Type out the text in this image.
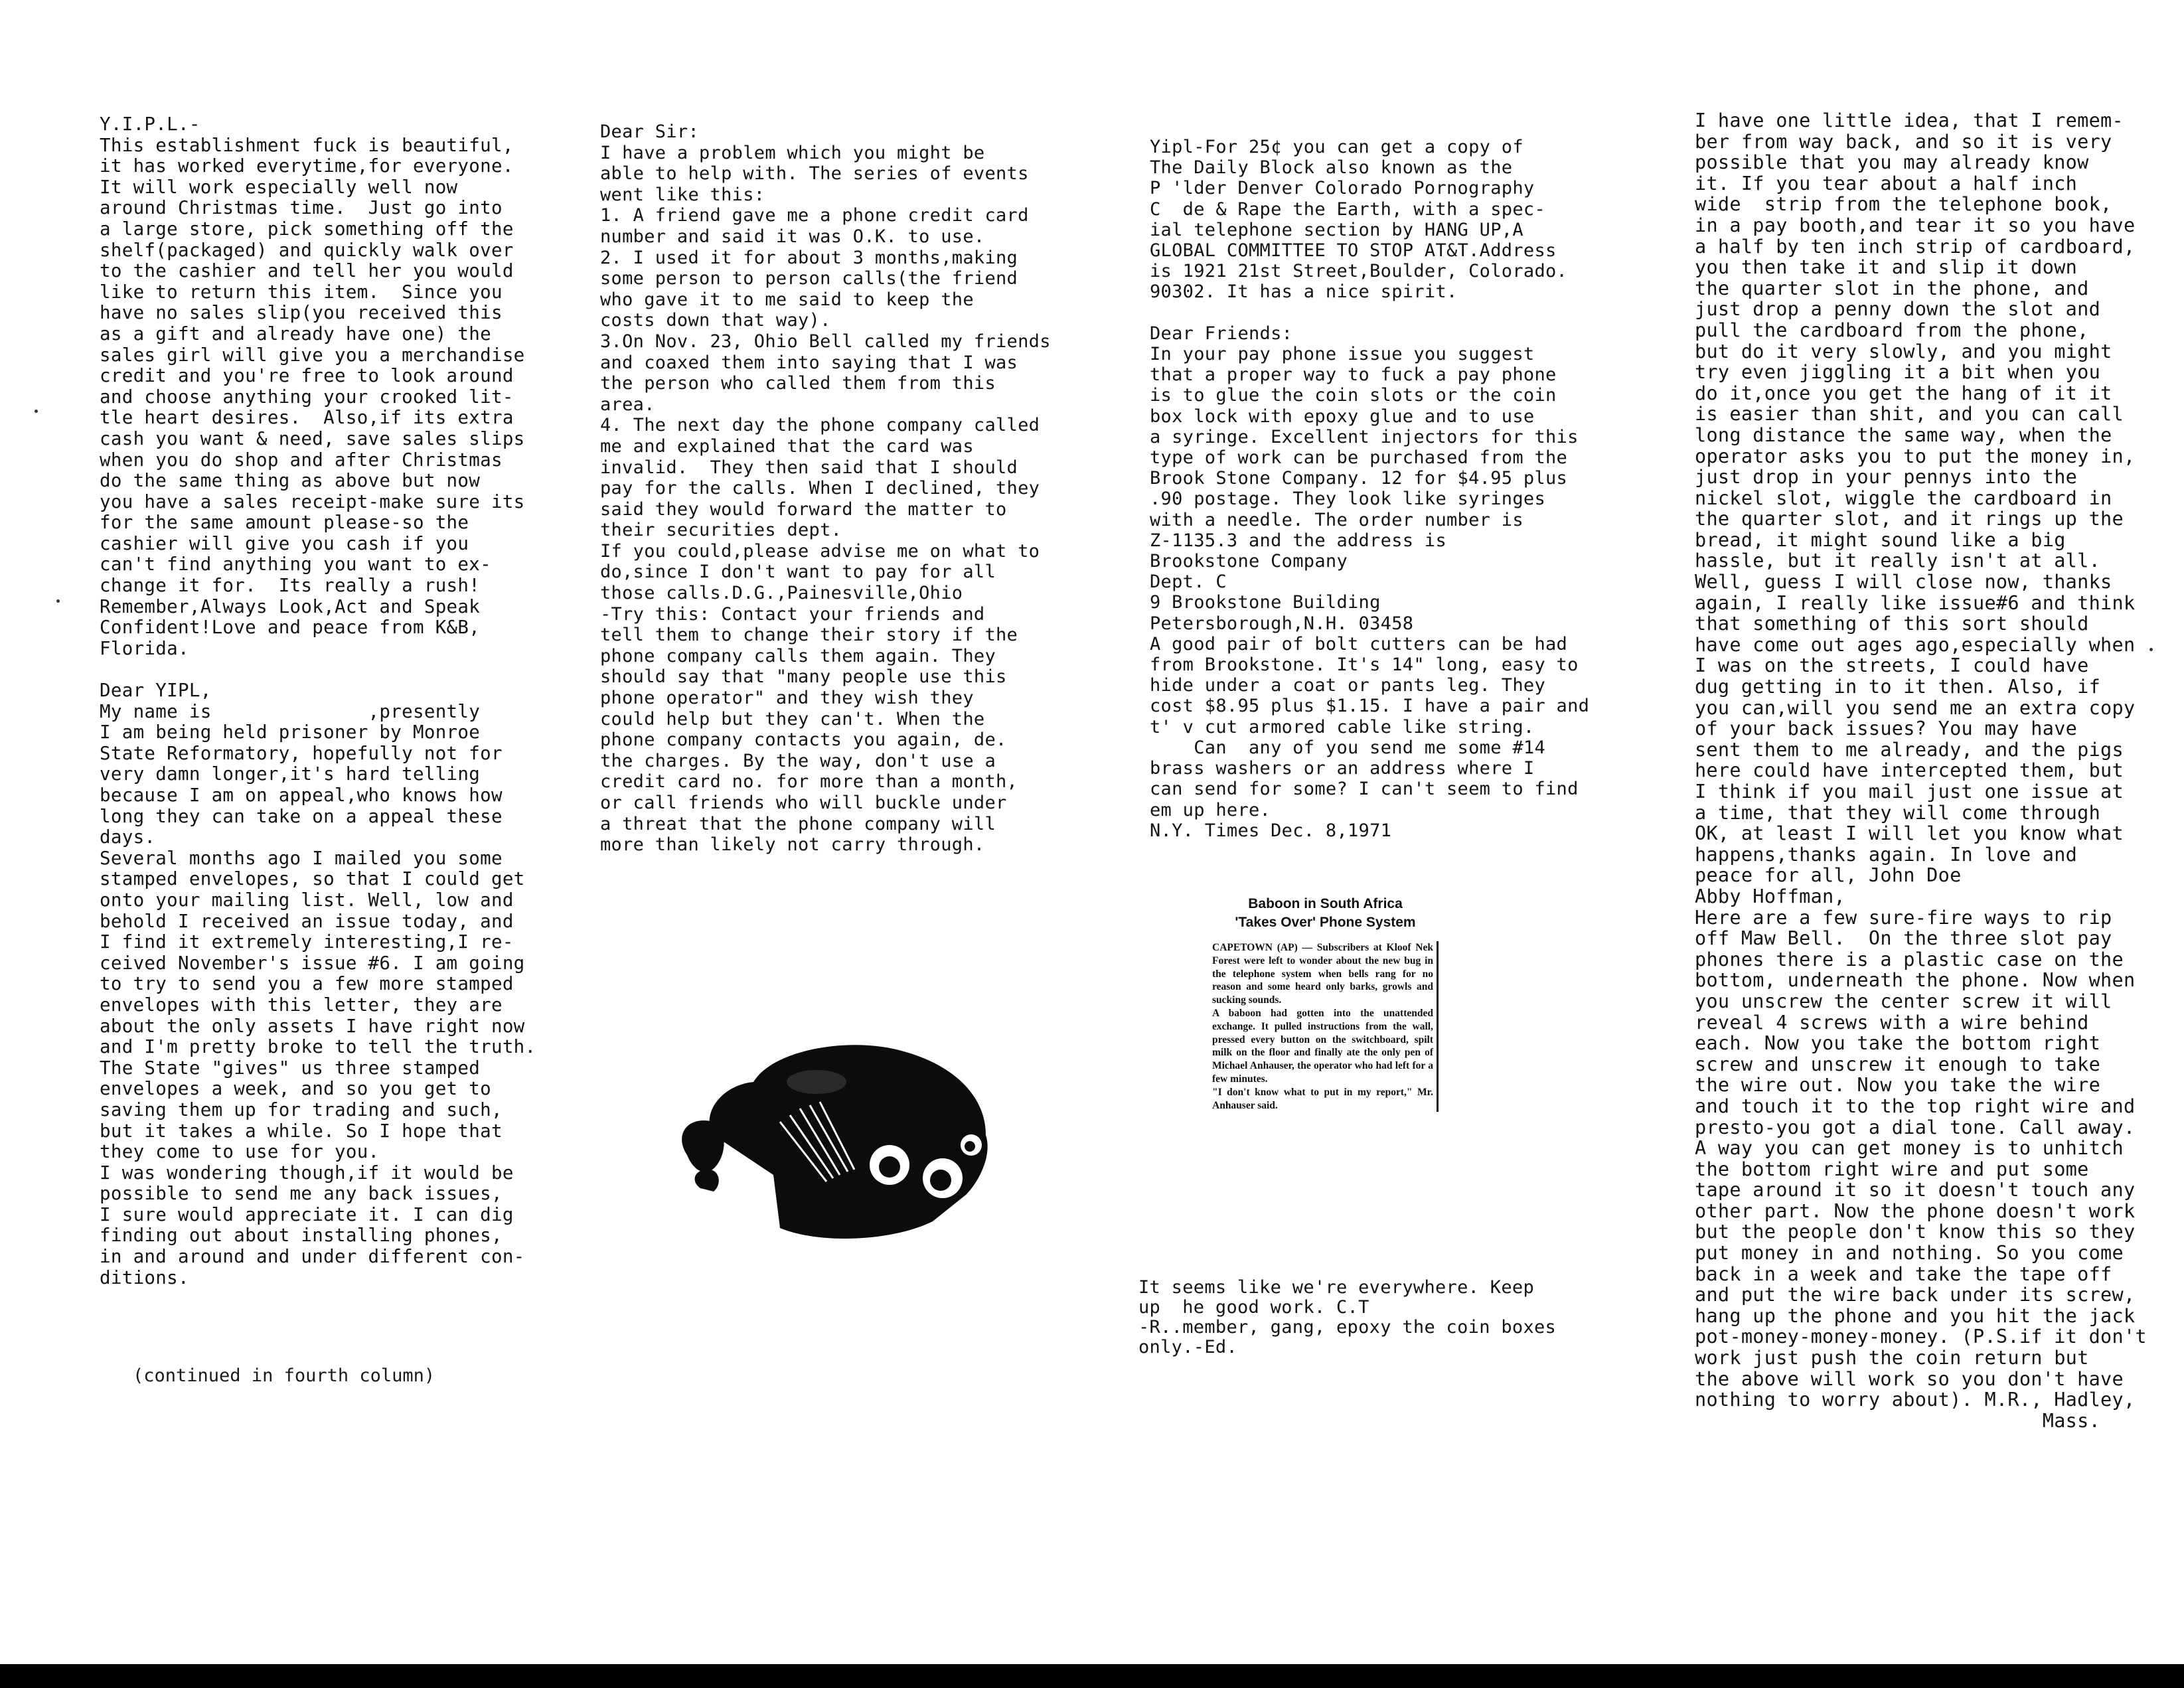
Y.I.P.L.-
This establishment fuck is beautiful,
it has worked everytime,for everyone.
It will work especially well now
around Christmas time.  Just go into
a large store, pick something off the
shelf(packaged) and quickly walk over
to the cashier and tell her you would
like to return this item.  Since you
have no sales slip(you received this
as a gift and already have one) the
sales girl will give you a merchandise
credit and you're free to look around
and choose anything your crooked lit-
tle heart desires.  Also,if its extra
cash you want & need, save sales slips
when you do shop and after Christmas
do the same thing as above but now
you have a sales receipt-make sure its
for the same amount please-so the
cashier will give you cash if you
can't find anything you want to ex-
change it for.  Its really a rush!
Remember,Always Look,Act and Speak
Confident!Love and peace from K&B,
Florida.

Dear YIPL,
My name is              ,presently
I am being held prisoner by Monroe
State Reformatory, hopefully not for
very damn longer,it's hard telling
because I am on appeal,who knows how
long they can take on a appeal these
days.
Several months ago I mailed you some
stamped envelopes, so that I could get
onto your mailing list. Well, low and
behold I received an issue today, and
I find it extremely interesting,I re-
ceived November's issue #6. I am going
to try to send you a few more stamped
envelopes with this letter, they are
about the only assets I have right now
and I'm pretty broke to tell the truth.
The State "gives" us three stamped
envelopes a week, and so you get to
saving them up for trading and such,
but it takes a while. So I hope that
they come to use for you.
I was wondering though,if it would be
possible to send me any back issues,
I sure would appreciate it. I can dig
finding out about installing phones,
in and around and under different con-
ditions.
(continued in fourth column)
Dear Sir:
I have a problem which you might be
able to help with. The series of events
went like this:
1. A friend gave me a phone credit card
number and said it was O.K. to use.
2. I used it for about 3 months,making
some person to person calls(the friend
who gave it to me said to keep the
costs down that way).
3.On Nov. 23, Ohio Bell called my friends
and coaxed them into saying that I was
the person who called them from this
area.
4. The next day the phone company called
me and explained that the card was
invalid.  They then said that I should
pay for the calls. When I declined, they
said they would forward the matter to
their securities dept.
If you could,please advise me on what to
do,since I don't want to pay for all
those calls.D.G.,Painesville,Ohio
-Try this: Contact your friends and
tell them to change their story if the
phone company calls them again. They
should say that "many people use this
phone operator" and they wish they
could help but they can't. When the
phone company contacts you again, de.
the charges. By the way, don't use a
credit card no. for more than a month,
or call friends who will buckle under
a threat that the phone company will
more than likely not carry through.
Yipl-For 25¢ you can get a copy of
The Daily Block also known as the
P 'lder Denver Colorado Pornography
C  de & Rape the Earth, with a spec-
ial telephone section by HANG UP,A
GLOBAL COMMITTEE TO STOP AT&T.Address
is 1921 21st Street,Boulder, Colorado.
90302. It has a nice spirit.

Dear Friends:
In your pay phone issue you suggest
that a proper way to fuck a pay phone
is to glue the coin slots or the coin
box lock with epoxy glue and to use
a syringe. Excellent injectors for this
type of work can be purchased from the
Brook Stone Company. 12 for $4.95 plus
.90 postage. They look like syringes
with a needle. The order number is
Z-1135.3 and the address is
Brookstone Company
Dept. C
9 Brookstone Building
Petersborough,N.H. 03458
A good pair of bolt cutters can be had
from Brookstone. It's 14" long, easy to
hide under a coat or pants leg. They
cost $8.95 plus $1.15. I have a pair and
t' v cut armored cable like string.
Can  any of you send me some #14
brass washers or an address where I
can send for some? I can't seem to find
em up here.
N.Y. Times Dec. 8,1971

Baboon in South Africa

'Takes Over' Phone System

CAPETOWN (AP) — Subscribers at Kloof Nek Forest were left to wonder about the new bug in the telephone system when bells rang for no reason and some heard only barks, growls and sucking sounds.
A baboon had gotten into the unattended exchange. It pulled instructions from the wall, pressed every button on the switchboard, spilt milk on the floor and finally ate the only pen of Michael Anhauser, the operator who had left for a few minutes.
"I don't know what to put in my report," Mr. Anhauser said.
It seems like we're everywhere. Keep
up  he good work. C.T
-R..member, gang, epoxy the coin boxes
only.-Ed.
I have one little idea, that I remem-
ber from way back, and so it is very
possible that you may already know
it. If you tear about a half inch
wide  strip from the telephone book,
in a pay booth,and tear it so you have
a half by ten inch strip of cardboard,
you then take it and slip it down
the quarter slot in the phone, and
just drop a penny down the slot and
pull the cardboard from the phone,
but do it very slowly, and you might
try even jiggling it a bit when you
do it,once you get the hang of it it
is easier than shit, and you can call
long distance the same way, when the
operator asks you to put the money in,
just drop in your pennys into the
nickel slot, wiggle the cardboard in
the quarter slot, and it rings up the
bread, it might sound like a big
hassle, but it really isn't at all.
Well, guess I will close now, thanks
again, I really like issue#6 and think
that something of this sort should
have come out ages ago,especially when
I was on the streets, I could have
dug getting in to it then. Also, if
you can,will you send me an extra copy
of your back issues? You may have
sent them to me already, and the pigs
here could have intercepted them, but
I think if you mail just one issue at
a time, that they will come through
OK, at least I will let you know what
happens,thanks again. In love and
peace for all, John Doe
Abby Hoffman,
Here are a few sure-fire ways to rip
off Maw Bell.  On the three slot pay
phones there is a plastic case on the
bottom, underneath the phone. Now when
you unscrew the center screw it will
reveal 4 screws with a wire behind
each. Now you take the bottom right
screw and unscrew it enough to take
the wire out. Now you take the wire
and touch it to the top right wire and
presto-you got a dial tone. Call away.
A way you can get money is to unhitch
the bottom right wire and put some
tape around it so it doesn't touch any
other part. Now the phone doesn't work
but the people don't know this so they
put money in and nothing. So you come
back in a week and take the tape off
and put the wire back under its screw,
hang up the phone and you hit the jack
pot-money-money-money. (P.S.if it don't
work just push the coin return but
the above will work so you don't have
nothing to worry about). M.R., Hadley,
Mass.
